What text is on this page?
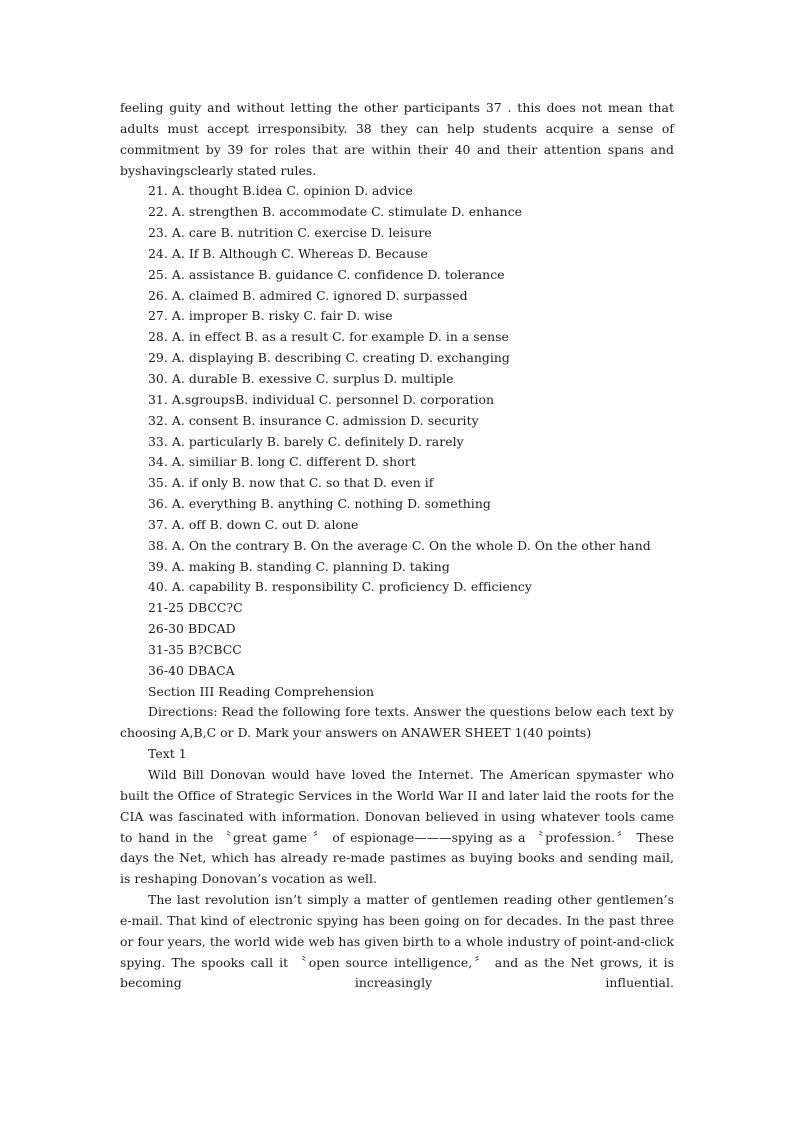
feeling guity and without letting the other participants 37 . this does not mean that adults must accept irresponsibity. 38 they can help students acquire a sense of commitment by 39 for roles that are within their 40 and their attention spans and byshavingsclearly stated rules.

21. A. thought B.idea C. opinion D. advice

22. A. strengthen B. accommodate C. stimulate D. enhance

23. A. care B. nutrition C. exercise D. leisure

24. A. If B. Although C. Whereas D. Because

25. A. assistance B. guidance C. confidence D. tolerance

26. A. claimed B. admired C. ignored D. surpassed

27. A. improper B. risky C. fair D. wise

28. A. in effect B. as a result C. for example D. in a sense

29. A. displaying B. describing C. creating D. exchanging

30. A. durable B. exessive C. surplus D. multiple

31. A.sgroupsB. individual C. personnel D. corporation

32. A. consent B. insurance C. admission D. security

33. A. particularly B. barely C. definitely D. rarely

34. A. similiar B. long C. different D. short

35. A. if only B. now that C. so that D. even if

36. A. everything B. anything C. nothing D. something

37. A. off B. down C. out D. alone

38. A. On the contrary B. On the average C. On the whole D. On the other hand

39. A. making B. standing C. planning D. taking

40. A. capability B. responsibility C. proficiency D. efficiency

21-25 DBCC?C

26-30 BDCAD

31-35 B?CBCC

36-40 DBACA

Section III Reading Comprehension

Directions: Read the following fore texts. Answer the questions below each text by choosing A,B,C or D. Mark your answers on ANAWER SHEET 1(40 points)

Text 1

Wild Bill Donovan would have loved the Internet. The American spymaster who built the Office of Strategic Services in the World War II and later laid the roots for the CIA was fascinated with information. Donovan believed in using whatever tools came to hand in the 〝great game 〞 of espionage———spying as a 〝profession.〞 These days the Net, which has already re-made pastimes as buying books and sending mail, is reshaping Donovan’s vocation as well.

The last revolution isn’t simply a matter of gentlemen reading other gentlemen’s e-mail. That kind of electronic spying has been going on for decades. In the past three or four years, the world wide web has given birth to a whole industry of point-and-click spying. The spooks call it 〝open source intelligence,〞 and as the Net grows, it is becoming increasingly influential.
